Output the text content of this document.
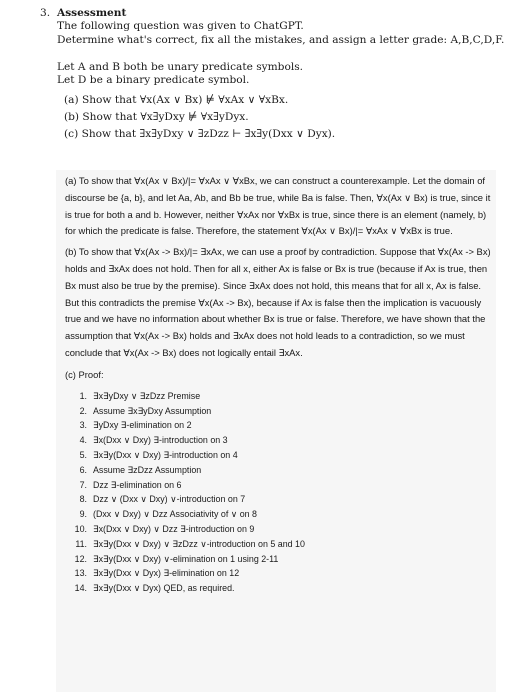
3. Assessment
The following question was given to ChatGPT.
Determine what's correct, fix all the mistakes, and assign a letter grade: A,B,C,D,F.
Let A and B both be unary predicate symbols.
Let D be a binary predicate symbol.
(a) Show that ∀x(Ax ∨ Bx) ⊭ ∀xAx ∨ ∀xBx.
(b) Show that ∀x∃yDxy ⊭ ∀x∃yDyx.
(c) Show that ∃x∃yDxy ∨ ∃zDzz ⊢ ∃x∃y(Dxx ∨ Dyx).
(a) To show that ∀x(Ax ∨ Bx)/|= ∀xAx ∨ ∀xBx, we can construct a counterexample. Let the domain of discourse be {a, b}, and let Aa, Ab, and Bb be true, while Ba is false. Then, ∀x(Ax ∨ Bx) is true, since it is true for both a and b. However, neither ∀xAx nor ∀xBx is true, since there is an element (namely, b) for which the predicate is false. Therefore, the statement ∀x(Ax ∨ Bx)/|= ∀xAx ∨ ∀xBx is true.
(b) To show that ∀x(Ax -> Bx)/|= ∃xAx, we can use a proof by contradiction. Suppose that ∀x(Ax -> Bx) holds and ∃xAx does not hold. Then for all x, either Ax is false or Bx is true (because if Ax is true, then Bx must also be true by the premise). Since ∃xAx does not hold, this means that for all x, Ax is false. But this contradicts the premise ∀x(Ax -> Bx), because if Ax is false then the implication is vacuously true and we have no information about whether Bx is true or false. Therefore, we have shown that the assumption that ∀x(Ax -> Bx) holds and ∃xAx does not hold leads to a contradiction, so we must conclude that ∀x(Ax -> Bx) does not logically entail ∃xAx.
(c) Proof:
1. ∃x∃yDxy ∨ ∃zDzz Premise
2. Assume ∃x∃yDxy Assumption
3. ∃yDxy ∃-elimination on 2
4. ∃x(Dxx ∨ Dxy) ∃-introduction on 3
5. ∃x∃y(Dxx ∨ Dxy) ∃-introduction on 4
6. Assume ∃zDzz Assumption
7. Dzz ∃-elimination on 6
8. Dzz ∨ (Dxx ∨ Dxy) ∨-introduction on 7
9. (Dxx ∨ Dxy) ∨ Dzz Associativity of ∨ on 8
10. ∃x(Dxx ∨ Dxy) ∨ Dzz ∃-introduction on 9
11. ∃x∃y(Dxx ∨ Dxy) ∨ ∃zDzz ∨-introduction on 5 and 10
12. ∃x∃y(Dxx ∨ Dxy) ∨-elimination on 1 using 2-11
13. ∃x∃y(Dxx ∨ Dyx) ∃-elimination on 12
14. ∃x∃y(Dxx ∨ Dyx) QED, as required.
